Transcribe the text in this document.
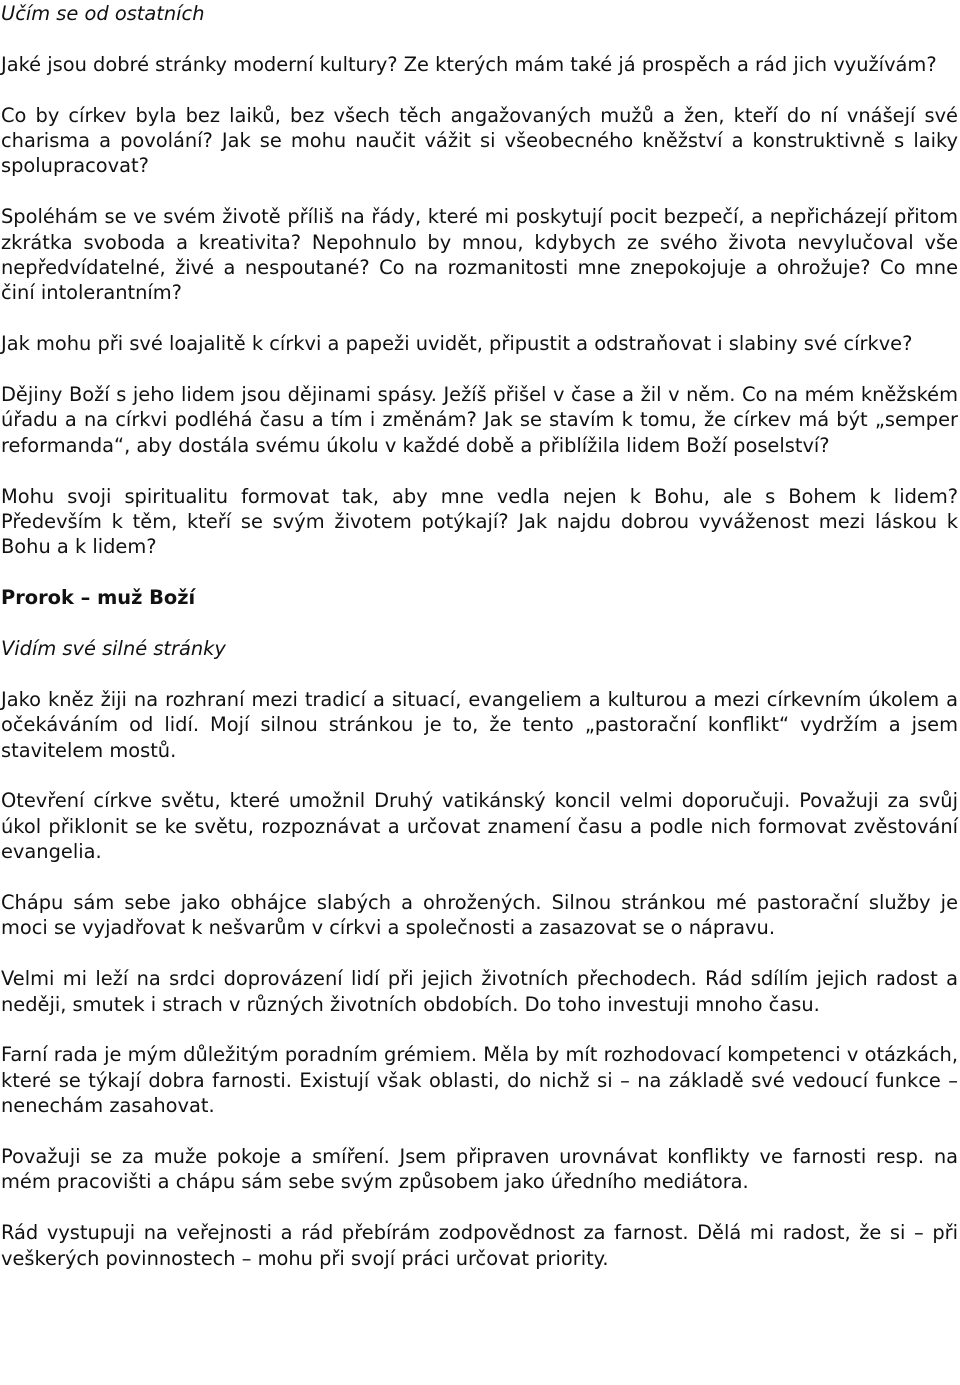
Učím se od ostatních

Jaké jsou dobré stránky moderní kultury? Ze kterých mám také já prospěch a rád jich využívám?

Co by církev byla bez laiků, bez všech těch angažovaných mužů a žen, kteří do ní vnášejí své charisma a povolání? Jak se mohu naučit vážit si všeobecného kněžství a konstruktivně s laiky spolupracovat?

Spoléhám se ve svém životě příliš na řády, které mi poskytují pocit bezpečí, a nepřicházejí přitom zkrátka svoboda a kreativita? Nepohnulo by mnou, kdybych ze svého života nevylučoval vše nepředvídatelné, živé a nespoutané? Co na rozmanitosti mne znepokojuje a ohrožuje? Co mne činí intolerantním?

Jak mohu při své loajalitě k církvi a papeži uvidět, připustit a odstraňovat i slabiny své církve?

Dějiny Boží s jeho lidem jsou dějinami spásy. Ježíš přišel v čase a žil v něm. Co na mém kněžském úřadu a na církvi podléhá času a tím i změnám? Jak se stavím k tomu, že církev má být „semper reformanda“, aby dostála svému úkolu v každé době a přiblížila lidem Boží poselství?

Mohu svoji spiritualitu formovat tak, aby mne vedla nejen k Bohu, ale s Bohem k lidem? Především k těm, kteří se svým životem potýkají? Jak najdu dobrou vyváženost mezi láskou k Bohu a k lidem?

Prorok – muž Boží

Vidím své silné stránky

Jako kněz žiji na rozhraní mezi tradicí a situací, evangeliem a kulturou a mezi církevním úkolem a očekáváním od lidí. Mojí silnou stránkou je to, že tento „pastorační konflikt“ vydržím a jsem stavitelem mostů.

Otevření církve světu, které umožnil Druhý vatikánský koncil velmi doporučuji. Považuji za svůj úkol přiklonit se ke světu, rozpoznávat a určovat znamení času a podle nich formovat zvěstování evangelia.

Chápu sám sebe jako obhájce slabých a ohrožených. Silnou stránkou mé pastorační služby je moci se vyjadřovat k nešvarům v církvi a společnosti a zasazovat se o nápravu.

Velmi mi leží na srdci doprovázení lidí při jejich životních přechodech. Rád sdílím jejich radost a neději, smutek i strach v různých životních obdobích. Do toho investuji mnoho času.

Farní rada je mým důležitým poradním grémiem. Měla by mít rozhodovací kompetenci v otázkách, které se týkají dobra farnosti. Existují však oblasti, do nichž si – na základě své vedoucí funkce – nenechám zasahovat.

Považuji se za muže pokoje a smíření. Jsem připraven urovnávat konflikty ve farnosti resp. na mém pracovišti a chápu sám sebe svým způsobem jako úředního mediátora.

Rád vystupuji na veřejnosti a rád přebírám zodpovědnost za farnost. Dělá mi radost, že si – při veškerých povinnostech – mohu při svojí práci určovat priority.
